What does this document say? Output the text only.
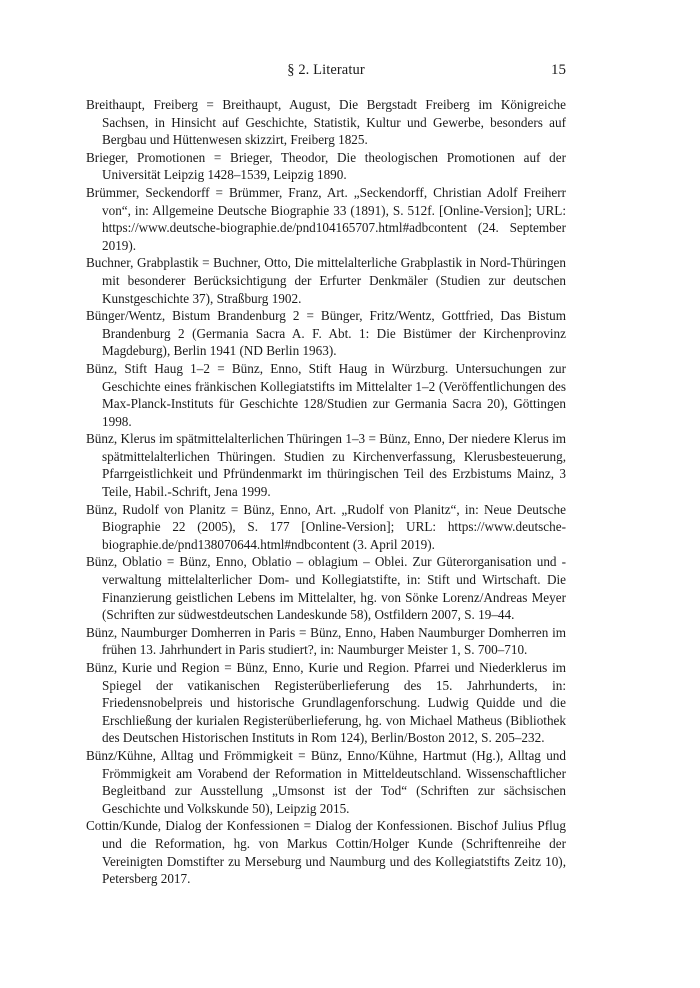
§ 2. Literatur	15

Breithaupt, Freiberg = Breithaupt, August, Die Bergstadt Freiberg im Königreiche Sachsen, in Hinsicht auf Geschichte, Statistik, Kultur und Gewerbe, besonders auf Bergbau und Hüttenwesen skizzirt, Freiberg 1825.

Brieger, Promotionen = Brieger, Theodor, Die theologischen Promotionen auf der Universität Leipzig 1428–1539, Leipzig 1890.

Brümmer, Seckendorff = Brümmer, Franz, Art. „Seckendorff, Christian Adolf Freiherr von“, in: Allgemeine Deutsche Biographie 33 (1891), S. 512f. [Online-Version]; URL: https://www.deutsche-biographie.de/pnd104165707.html#adbcontent (24. September 2019).

Buchner, Grabplastik = Buchner, Otto, Die mittelalterliche Grabplastik in Nord-Thüringen mit besonderer Berücksichtigung der Erfurter Denkmäler (Studien zur deutschen Kunstgeschichte 37), Straßburg 1902.

Bünger/Wentz, Bistum Brandenburg 2 = Bünger, Fritz/Wentz, Gottfried, Das Bistum Brandenburg 2 (Germania Sacra A. F. Abt. 1: Die Bistümer der Kirchenprovinz Magdeburg), Berlin 1941 (ND Berlin 1963).

Bünz, Stift Haug 1–2 = Bünz, Enno, Stift Haug in Würzburg. Untersuchungen zur Geschichte eines fränkischen Kollegiatstifts im Mittelalter 1–2 (Veröffentlichungen des Max-Planck-Instituts für Geschichte 128/Studien zur Germania Sacra 20), Göttingen 1998.

Bünz, Klerus im spätmittelalterlichen Thüringen 1–3 = Bünz, Enno, Der niedere Klerus im spätmittelalterlichen Thüringen. Studien zu Kirchenverfassung, Klerusbesteuerung, Pfarrgeistlichkeit und Pfründenmarkt im thüringischen Teil des Erzbistums Mainz, 3 Teile, Habil.-Schrift, Jena 1999.

Bünz, Rudolf von Planitz = Bünz, Enno, Art. „Rudolf von Planitz“, in: Neue Deutsche Biographie 22 (2005), S. 177 [Online-Version]; URL: https://www.deutsche-biographie.de/pnd138070644.html#ndbcontent (3. April 2019).

Bünz, Oblatio = Bünz, Enno, Oblatio – oblagium – Oblei. Zur Güterorganisation und -verwaltung mittelalterlicher Dom- und Kollegiatstifte, in: Stift und Wirtschaft. Die Finanzierung geistlichen Lebens im Mittelalter, hg. von Sönke Lorenz/Andreas Meyer (Schriften zur südwestdeutschen Landeskunde 58), Ostfildern 2007, S. 19–44.

Bünz, Naumburger Domherren in Paris = Bünz, Enno, Haben Naumburger Domherren im frühen 13. Jahrhundert in Paris studiert?, in: Naumburger Meister 1, S. 700–710.

Bünz, Kurie und Region = Bünz, Enno, Kurie und Region. Pfarrei und Niederklerus im Spiegel der vatikanischen Registerüberlieferung des 15. Jahrhunderts, in: Friedensnobelpreis und historische Grundlagenforschung. Ludwig Quidde und die Erschließung der kurialen Registerüberlieferung, hg. von Michael Matheus (Bibliothek des Deutschen Historischen Instituts in Rom 124), Berlin/Boston 2012, S. 205–232.

Bünz/Kühne, Alltag und Frömmigkeit = Bünz, Enno/Kühne, Hartmut (Hg.), Alltag und Frömmigkeit am Vorabend der Reformation in Mitteldeutschland. Wissenschaftlicher Begleitband zur Ausstellung „Umsonst ist der Tod“ (Schriften zur sächsischen Geschichte und Volkskunde 50), Leipzig 2015.

Cottin/Kunde, Dialog der Konfessionen = Dialog der Konfessionen. Bischof Julius Pflug und die Reformation, hg. von Markus Cottin/Holger Kunde (Schriftenreihe der Vereinigten Domstifter zu Merseburg und Naumburg und des Kollegiatstifts Zeitz 10), Petersberg 2017.
